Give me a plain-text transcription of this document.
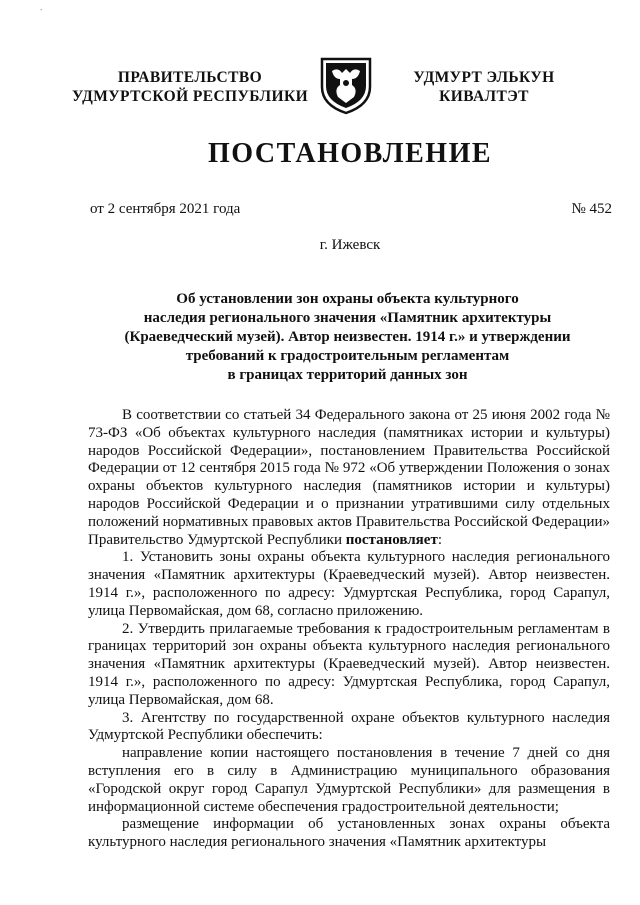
`
ПРАВИТЕЛЬСТВО
УДМУРТСКОЙ РЕСПУБЛИКИ
УДМУРТ ЭЛЬКУН
КИВАЛТЭТ
ПОСТАНОВЛЕНИЕ
от 2 сентября 2021 года	№ 452
г. Ижевск
Об установлении зон охраны объекта культурного
наследия регионального значения «Памятник архитектуры
(Краеведческий музей). Автор неизвестен. 1914 г.» и утверждении
требований к градостроительным регламентам
в границах территорий данных зон

В соответствии со статьей 34 Федерального закона от 25 июня 2002 года № 73-ФЗ «Об объектах культурного наследия (памятниках истории и культуры) народов Российской Федерации», постановлением Правительства Российской Федерации от 12 сентября 2015 года № 972 «Об утверждении Положения о зонах охраны объектов культурного наследия (памятников истории и культуры) народов Российской Федерации и о признании утратившими силу отдельных положений нормативных правовых актов Правительства Российской Федерации» Правительство Удмуртской Республики постановляет:

1. Установить зоны охраны объекта культурного наследия регионального значения «Памятник архитектуры (Краеведческий музей). Автор неизвестен. 1914 г.», расположенного по адресу: Удмуртская Республика, город Сарапул, улица Первомайская, дом 68, согласно приложению.

2. Утвердить прилагаемые требования к градостроительным регламентам в границах территорий зон охраны объекта культурного наследия регионального значения «Памятник архитектуры (Краеведческий музей). Автор неизвестен. 1914 г.», расположенного по адресу: Удмуртская Республика, город Сарапул, улица Первомайская, дом 68.

3. Агентству по государственной охране объектов культурного наследия Удмуртской Республики обеспечить:

направление копии настоящего постановления в течение 7 дней со дня вступления его в силу в Администрацию муниципального образования «Городской округ город Сарапул Удмуртской Республики» для размещения в информационной системе обеспечения градостроительной деятельности;

размещение информации об установленных зонах охраны объекта культурного наследия регионального значения «Памятник архитектуры
